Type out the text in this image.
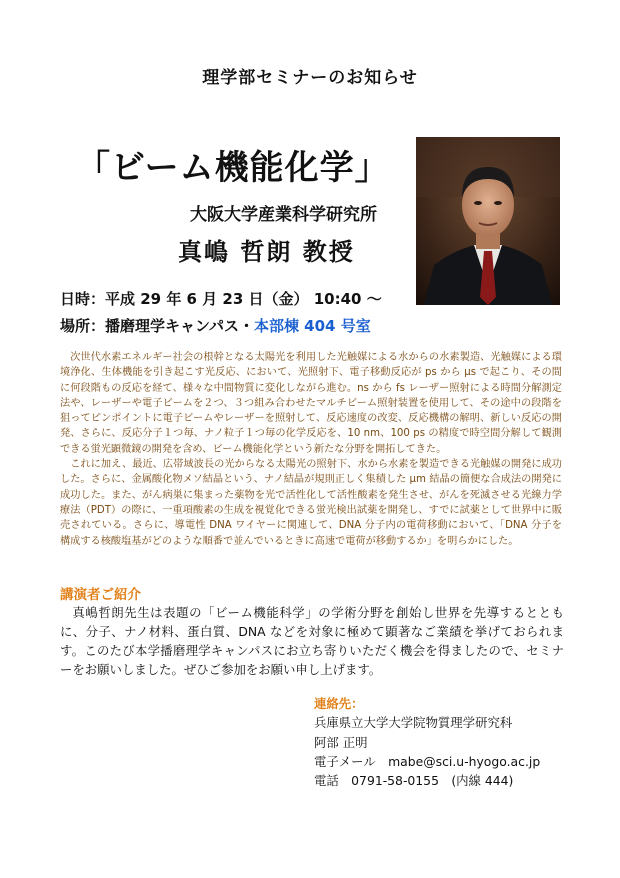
理学部セミナーのお知らせ
「ビーム機能化学」
大阪大学産業科学研究所
真嶋 哲朗 教授
日時：平成 29 年 6 月 23 日（金） 10:40 〜
場所：播磨理学キャンパス・本部棟 404 号室

次世代水素エネルギー社会の根幹となる太陽光を利用した光触媒による水からの水素製造、光触媒による環境浄化、生体機能を引き起こす光反応、において、光照射下、電子移動反応が ps から μs で起こり、その間に何段階もの反応を経て、様々な中間物質に変化しながら進む。ns から fs レーザー照射による時間分解測定法や、レーザーや電子ビームを２つ、３つ組み合わせたマルチビーム照射装置を使用して、その途中の段階を狙ってピンポイントに電子ビームやレーザーを照射して、反応速度の改変、反応機構の解明、新しい反応の開発、さらに、反応分子１つ毎、ナノ粒子１つ毎の化学反応を、10 nm、100 ps の精度で時空間分解して観測できる蛍光顕微鏡の開発を含め、ビーム機能化学という新たな分野を開拓してきた。

これに加え、最近、広帯域波長の光からなる太陽光の照射下、水から水素を製造できる光触媒の開発に成功した。さらに、金属酸化物メソ結晶という、ナノ結晶が規則正しく集積した μm 結晶の簡便な合成法の開発に成功した。また、がん病巣に集まった薬物を光で活性化して活性酸素を発生させ、がんを死滅させる光線力学療法（PDT）の際に、一重項酸素の生成を視覚化できる蛍光検出試薬を開発し、すでに試薬として世界中に販売されている。さらに、導電性 DNA ワイヤーに関連して、DNA 分子内の電荷移動において、「DNA 分子を構成する核酸塩基がどのような順番で並んでいるときに高速で電荷が移動するか」を明らかにした。

講演者ご紹介

真嶋哲朗先生は表題の「ビーム機能科学」の学術分野を創始し世界を先導するとともに、分子、ナノ材料、蛋白質、DNA などを対象に極めて顕著なご業績を挙げておられます。このたび本学播磨理学キャンパスにお立ち寄りいただく機会を得ましたので、セミナーをお願いしました。ぜひご参加をお願い申し上げます。

連絡先：
兵庫県立大学大学院物質理学研究科
阿部 正明
電子メール　mabe@sci.u-hyogo.ac.jp
電話　0791-58-0155　(内線 444)
